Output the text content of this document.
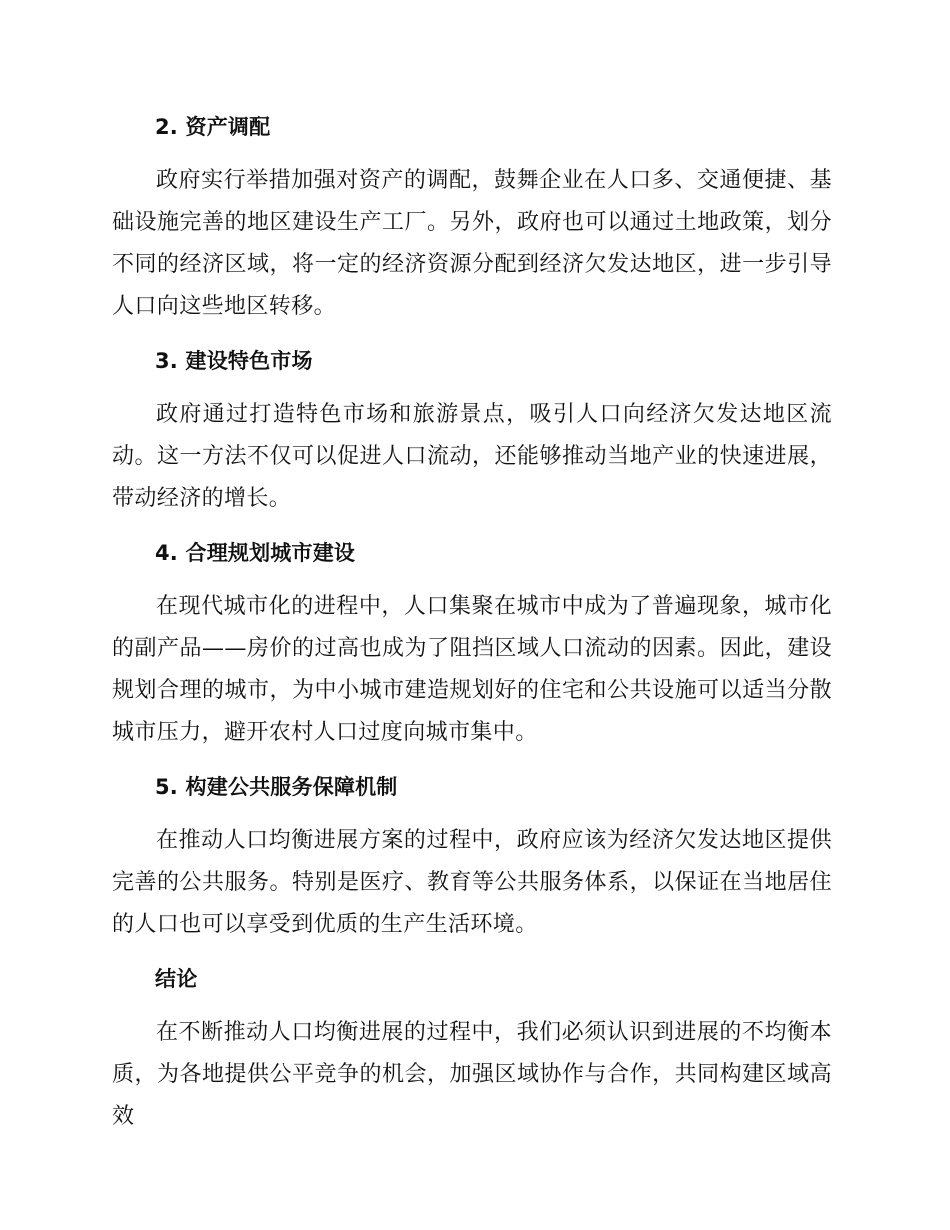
2. 资产调配

政府实行举措加强对资产的调配，鼓舞企业在人口多、交通便捷、基础设施完善的地区建设生产工厂。另外，政府也可以通过土地政策，划分不同的经济区域，将一定的经济资源分配到经济欠发达地区，进一步引导人口向这些地区转移。

3. 建设特色市场

政府通过打造特色市场和旅游景点，吸引人口向经济欠发达地区流动。这一方法不仅可以促进人口流动，还能够推动当地产业的快速进展，带动经济的增长。

4. 合理规划城市建设

在现代城市化的进程中，人口集聚在城市中成为了普遍现象，城市化的副产品——房价的过高也成为了阻挡区域人口流动的因素。因此，建设规划合理的城市，为中小城市建造规划好的住宅和公共设施可以适当分散城市压力，避开农村人口过度向城市集中。

5. 构建公共服务保障机制

在推动人口均衡进展方案的过程中，政府应该为经济欠发达地区提供完善的公共服务。特别是医疗、教育等公共服务体系，以保证在当地居住的人口也可以享受到优质的生产生活环境。

结论

在不断推动人口均衡进展的过程中，我们必须认识到进展的不均衡本质，为各地提供公平竞争的机会，加强区域协作与合作，共同构建区域高效
